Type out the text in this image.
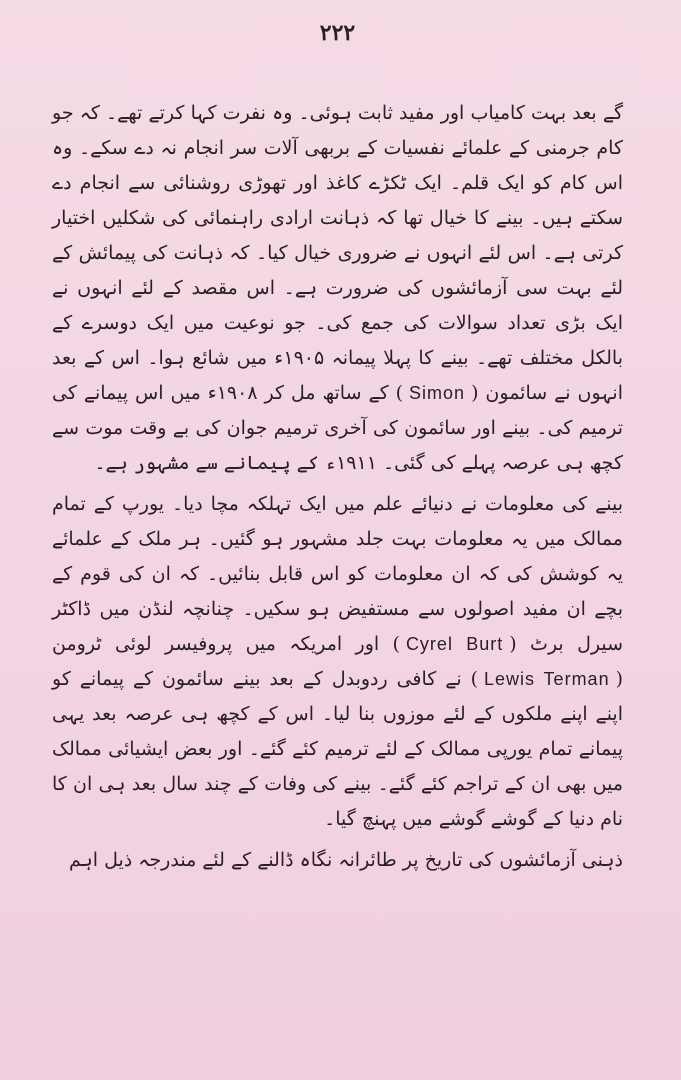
۲۲۲

گے بعد بہت کامیاب اور مفید ثابت ہوئی۔ وہ نفرت کہا کرتے تھے۔ کہ جو کام جرمنی کے علمائے نفسیات کے بربھی آلات سر انجام نہ دے سکے۔ وہ اس کام کو ایک قلم۔ ایک ٹکڑے کاغذ اور تھوڑی روشنائی سے انجام دے سکتے ہیں۔ بینے کا خیال تھا کہ ذہانت ارادی راہنمائی کی شکلیں اختیار کرتی ہے۔ اس لئے انہوں نے ضروری خیال کیا۔ کہ ذہانت کی پیمائش کے لئے بہت سی آزمائشوں کی ضرورت ہے۔ اس مقصد کے لئے انہوں نے ایک بڑی تعداد سوالات کی جمع کی۔ جو نوعیت میں ایک دوسرے کے بالکل مختلف تھے۔ بینے کا پہلا پیمانہ ۱۹۰۵ء میں شائع ہوا۔ اس کے بعد انہوں نے سائمون (Simon) کے ساتھ مل کر ۱۹۰۸ء میں اس پیمانے کی ترمیم کی۔ بینے اور سائمون کی آخری ترمیم جوان کی بے وقت موت سے کچھ ہی عرصہ پہلے کی گئی۔ ۱۹۱۱ء کے پیمانے سے مشہور ہے۔

بینے کی معلومات نے دنیائے علم میں ایک تہلکہ مچا دیا۔ یورپ کے تمام ممالک میں یہ معلومات بہت جلد مشہور ہو گئیں۔ ہر ملک کے علمائے یہ کوشش کی کہ ان معلومات کو اس قابل بنائیں۔ کہ ان کی قوم کے بچے ان مفید اصولوں سے مستفیض ہو سکیں۔ چنانچہ لنڈن میں ڈاکٹر سیرل برٹ (Cyrel Burt) اور امریکہ میں پروفیسر لوئی ٹرومن (Lewis Terman) نے کافی ردوبدل کے بعد بینے سائمون کے پیمانے کو اپنے اپنے ملکوں کے لئے موزوں بنا لیا۔ اس کے کچھ ہی عرصہ بعد یہی پیمانے تمام یورپی ممالک کے لئے ترمیم کئے گئے۔ اور بعض ایشیائی ممالک میں بھی ان کے تراجم کئے گئے۔ بینے کی وفات کے چند سال بعد ہی ان کا نام دنیا کے گوشے گوشے میں پہنچ گیا۔

ذہنی آزمائشوں کی تاریخ پر طائرانہ نگاہ ڈالنے کے لئے مندرجہ ذیل اہم
